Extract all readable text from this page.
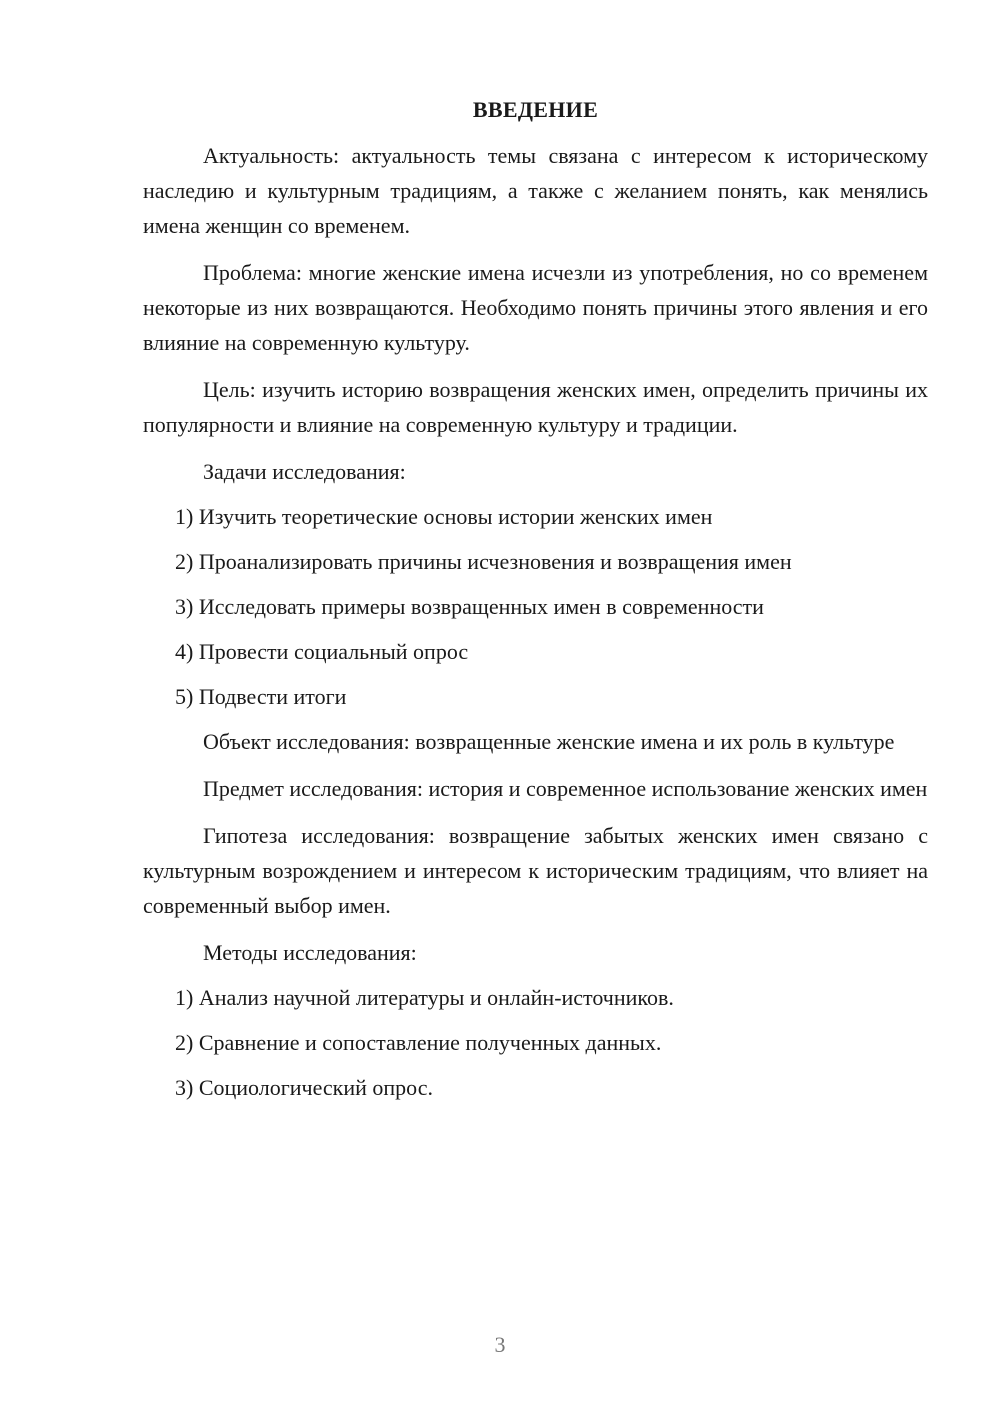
ВВЕДЕНИЕ

Актуальность: актуальность темы связана с интересом к историческому наследию и культурным традициям, а также с желанием понять, как менялись имена женщин со временем.

Проблема: многие женские имена исчезли из употребления, но со временем некоторые из них возвращаются. Необходимо понять причины этого явления и его влияние на современную культуру.

Цель: изучить историю возвращения женских имен, определить причины их популярности и влияние на современную культуру и традиции.

Задачи исследования:

1) Изучить теоретические основы истории женских имен
2) Проанализировать причины исчезновения и возвращения имен
3) Исследовать примеры возвращенных имен в современности
4) Провести социальный опрос
5) Подвести итоги

Объект исследования: возвращенные женские имена и их роль в культуре

Предмет исследования: история и современное использование женских имен

Гипотеза исследования: возвращение забытых женских имен связано с культурным возрождением и интересом к историческим традициям, что влияет на современный выбор имен.

Методы исследования:

1) Анализ научной литературы и онлайн-источников.
2) Сравнение и сопоставление полученных данных.
3) Социологический опрос.
3
